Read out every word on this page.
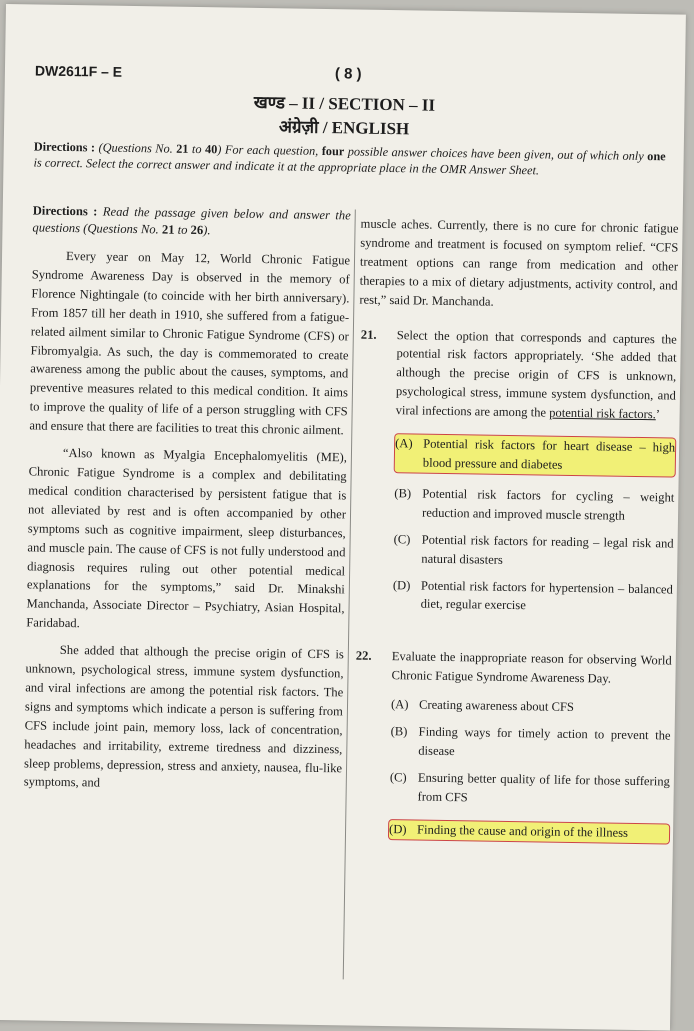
DW2611F – E	( 8 )
खण्ड – II / SECTION – II
अंग्रेज़ी / ENGLISH
Directions : (Questions No. 21 to 40) For each question, four possible answer choices have been given, out of which only one is correct. Select the correct answer and indicate it at the appropriate place in the OMR Answer Sheet.
Directions : Read the passage given below and answer the questions (Questions No. 21 to 26).

Every year on May 12, World Chronic Fatigue Syndrome Awareness Day is observed in the memory of Florence Nightingale (to coincide with her birth anniversary). From 1857 till her death in 1910, she suffered from a fatigue-related ailment similar to Chronic Fatigue Syndrome (CFS) or Fibromyalgia. As such, the day is commemorated to create awareness among the public about the causes, symptoms, and preventive measures related to this medical condition. It aims to improve the quality of life of a person struggling with CFS and ensure that there are facilities to treat this chronic ailment.

“Also known as Myalgia Encephalomyelitis (ME), Chronic Fatigue Syndrome is a complex and debilitating medical condition characterised by persistent fatigue that is not alleviated by rest and is often accompanied by other symptoms such as cognitive impairment, sleep disturbances, and muscle pain. The cause of CFS is not fully understood and diagnosis requires ruling out other potential medical explanations for the symptoms,” said Dr. Minakshi Manchanda, Associate Director – Psychiatry, Asian Hospital, Faridabad.

She added that although the precise origin of CFS is unknown, psychological stress, immune system dysfunction, and viral infections are among the potential risk factors. The signs and symptoms which indicate a person is suffering from CFS include joint pain, memory loss, lack of concentration, headaches and irritability, extreme tiredness and dizziness, sleep problems, depression, stress and anxiety, nausea, flu-like symptoms, and

muscle aches. Currently, there is no cure for chronic fatigue syndrome and treatment is focused on symptom relief. “CFS treatment options can range from medication and other therapies to a mix of dietary adjustments, activity control, and rest,” said Dr. Manchanda.

21. Select the option that corresponds and captures the potential risk factors appropriately. ‘She added that although the precise origin of CFS is unknown, psychological stress, immune system dysfunction, and viral infections are among the potential risk factors.’
(A) Potential risk factors for heart disease – high blood pressure and diabetes
(B) Potential risk factors for cycling – weight reduction and improved muscle strength
(C) Potential risk factors for reading – legal risk and natural disasters
(D) Potential risk factors for hypertension – balanced diet, regular exercise
22. Evaluate the inappropriate reason for observing World Chronic Fatigue Syndrome Awareness Day.
(A) Creating awareness about CFS
(B) Finding ways for timely action to prevent the disease
(C) Ensuring better quality of life for those suffering from CFS
(D) Finding the cause and origin of the illness
